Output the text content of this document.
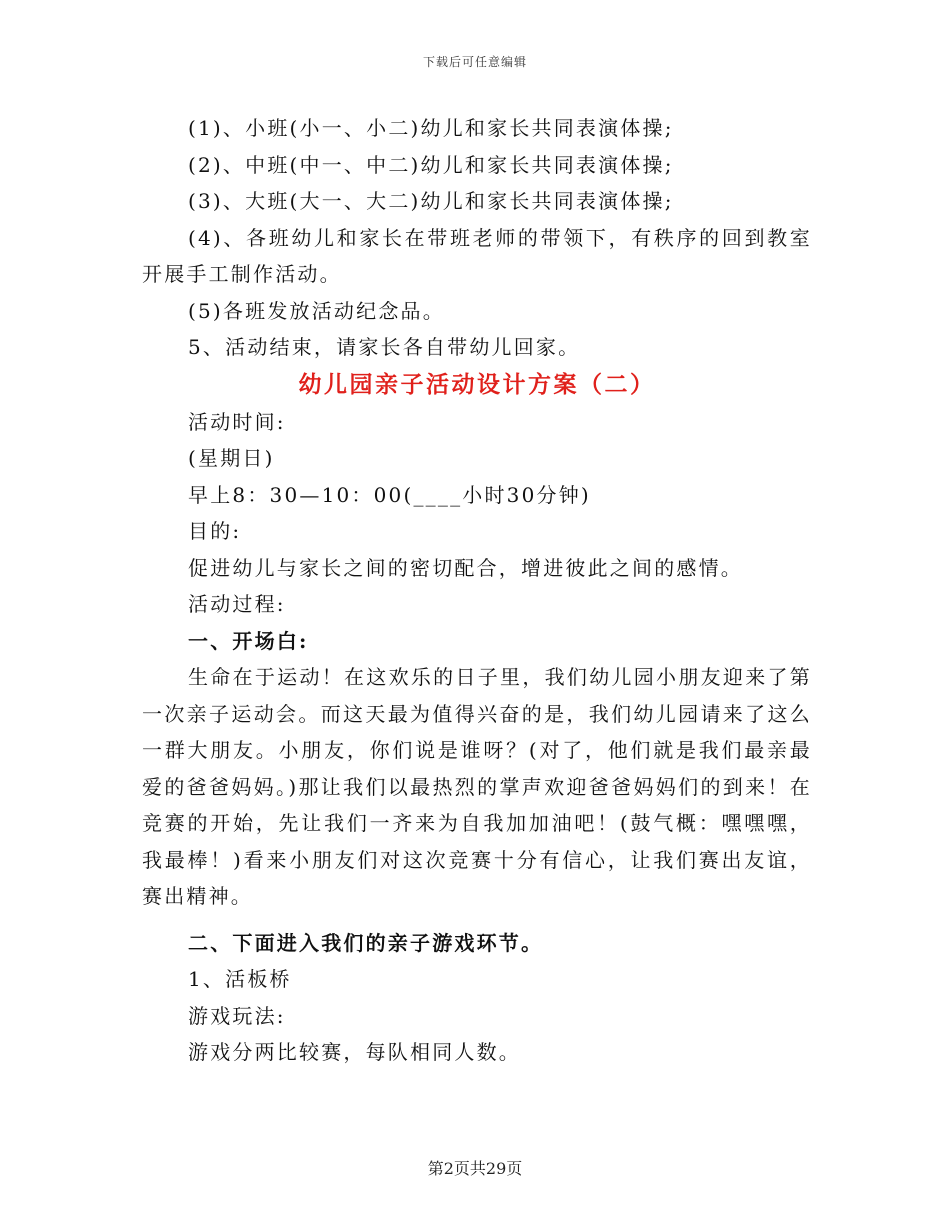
下载后可任意编辑

(1)、小班(小一、小二)幼儿和家长共同表演体操;

(2)、中班(中一、中二)幼儿和家长共同表演体操;

(3)、大班(大一、大二)幼儿和家长共同表演体操;

(4)、各班幼儿和家长在带班老师的带领下，有秩序的回到教室开展手工制作活动。

(5)各班发放活动纪念品。

5、活动结束，请家长各自带幼儿回家。

幼儿园亲子活动设计方案（二）

活动时间:

(星期日)

早上8：30—10：00(____小时30分钟)

目的:

促进幼儿与家长之间的密切配合，增进彼此之间的感情。

活动过程:

一、开场白:

生命在于运动！在这欢乐的日子里，我们幼儿园小朋友迎来了第一次亲子运动会。而这天最为值得兴奋的是，我们幼儿园请来了这么一群大朋友。小朋友，你们说是谁呀？(对了，他们就是我们最亲最爱的爸爸妈妈。)那让我们以最热烈的掌声欢迎爸爸妈妈们的到来！在竞赛的开始，先让我们一齐来为自我加加油吧！(鼓气概：嘿嘿嘿，我最棒！)看来小朋友们对这次竞赛十分有信心，让我们赛出友谊，赛出精神。

二、下面进入我们的亲子游戏环节。

1、活板桥

游戏玩法:

游戏分两比较赛，每队相同人数。

第2页共29页
